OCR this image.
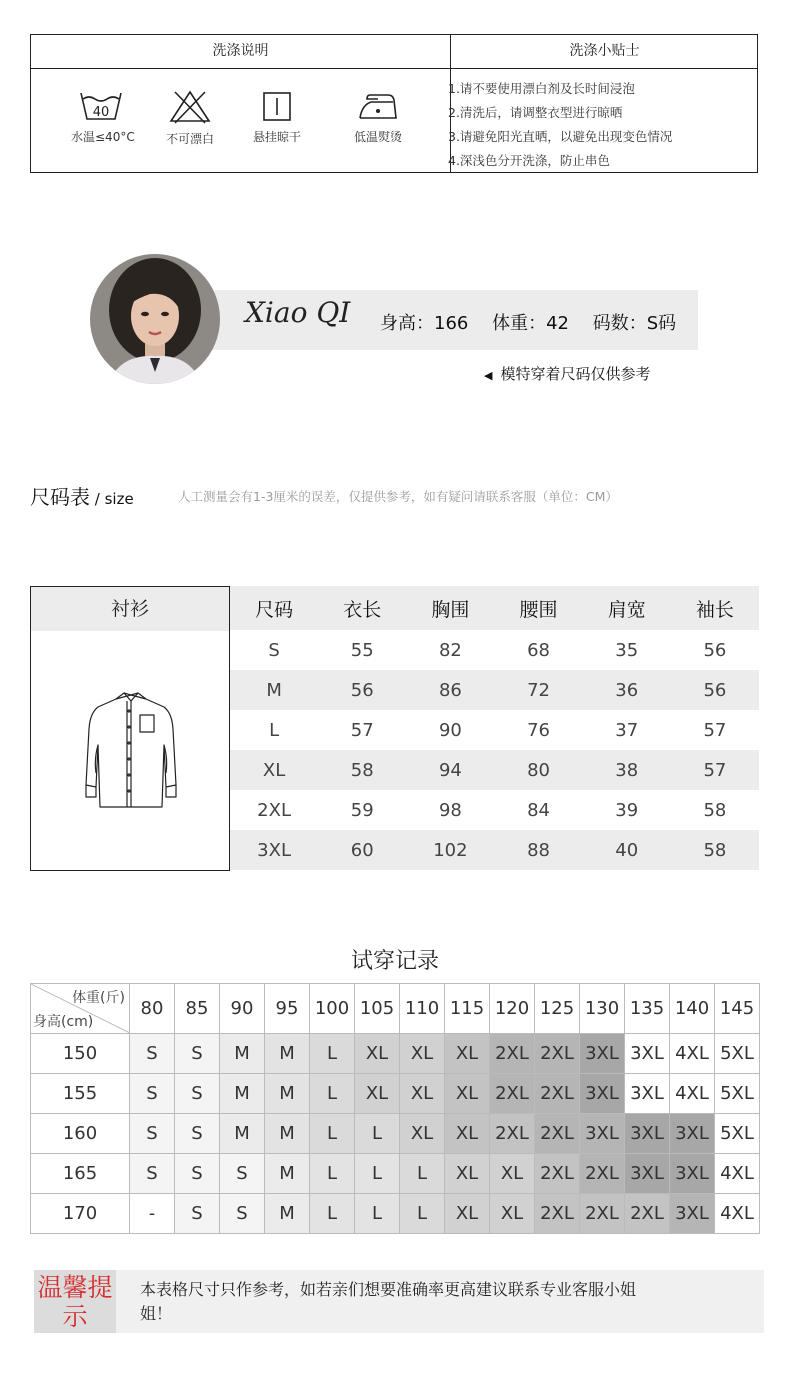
洗涤说明	洗涤小贴士
40
水温≤40°C	不可漂白	悬挂晾干	低温熨烫
1.请不要使用漂白剂及长时间浸泡
2.清洗后，请调整衣型进行晾晒
3.请避免阳光直晒，以避免出现变色情况
4.深浅色分开洗涤，防止串色
Xiao QI 身高：166　 体重：42　 码数：S码
◀ 模特穿着尺码仅供参考
尺码表 / size	人工测量会有1-3厘米的误差，仅提供参考，如有疑问请联系客服（单位：CM）
衬衫	尺码	衣长	胸围	腰围	肩宽	袖长
S	55	82	68	35	56
M	56	86	72	36	56
L	57	90	76	37	57
XL	58	94	80	38	57
2XL	59	98	84	39	58
3XL	60	102	88	40	58
试穿记录
体重(斤)
身高(cm)	80	85	90	95	100	105	110	115	120	125	130	135	140	145
150	S	S	M	M	L	XL	XL	XL	2XL	2XL	3XL	3XL	4XL	5XL
155	S	S	M	M	L	XL	XL	XL	2XL	2XL	3XL	3XL	4XL	5XL
160	S	S	M	M	L	L	XL	XL	2XL	2XL	3XL	3XL	3XL	5XL
165	S	S	S	M	L	L	L	XL	XL	2XL	2XL	3XL	3XL	4XL
170	-	S	S	M	L	L	L	XL	XL	2XL	2XL	2XL	3XL	4XL
温馨提示
本表格尺寸只作参考，如若亲们想要准确率更高建议联系专业客服小姐姐！
